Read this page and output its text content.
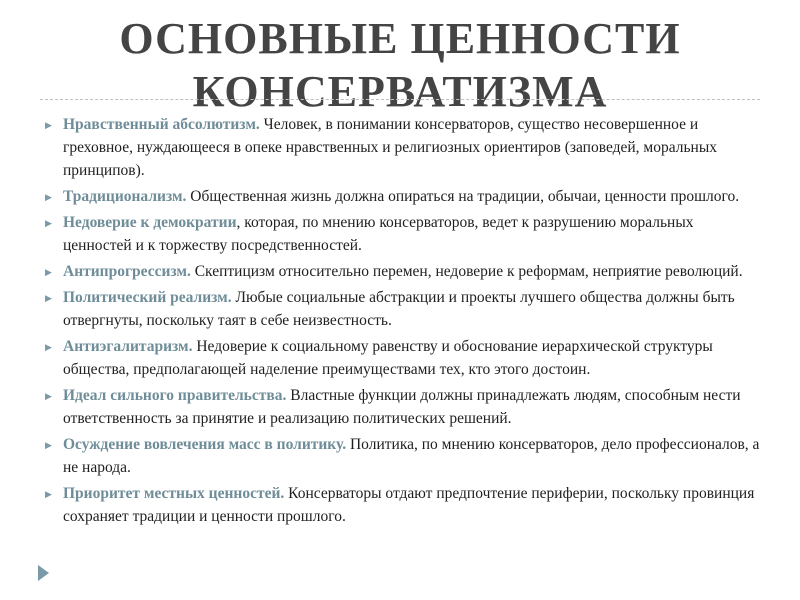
ОСНОВНЫЕ ЦЕННОСТИ
КОНСЕРВАТИЗМА
▶ Нравственный абсолютизм. Человек, в понимании консерваторов, существо несовершенное и греховное, нуждающееся в опеке нравственных и религиозных ориентиров (заповедей, моральных принципов).
▶ Традиционализм. Общественная жизнь должна опираться на традиции, обычаи, ценности прошлого.
▶ Недоверие к демократии, которая, по мнению консерваторов, ведет к разрушению моральных ценностей и к торжеству посредственностей.
▶ Антипрогрессизм. Скептицизм относительно перемен, недоверие к реформам, неприятие революций.
▶ Политический реализм. Любые социальные абстракции и проекты лучшего общества должны быть отвергнуты, поскольку таят в себе неизвестность.
▶ Антиэгалитаризм. Недоверие к социальному равенству и обоснование иерархической структуры общества, предполагающей наделение преимуществами тех, кто этого достоин.
▶ Идеал сильного правительства. Властные функции должны принадлежать людям, способным нести ответственность за принятие и реализацию политических решений.
▶ Осуждение вовлечения масс в политику. Политика, по мнению консерваторов, дело профессионалов, а не народа.
▶ Приоритет местных ценностей. Консерваторы отдают предпочтение периферии, поскольку провинция сохраняет традиции и ценности прошлого.
